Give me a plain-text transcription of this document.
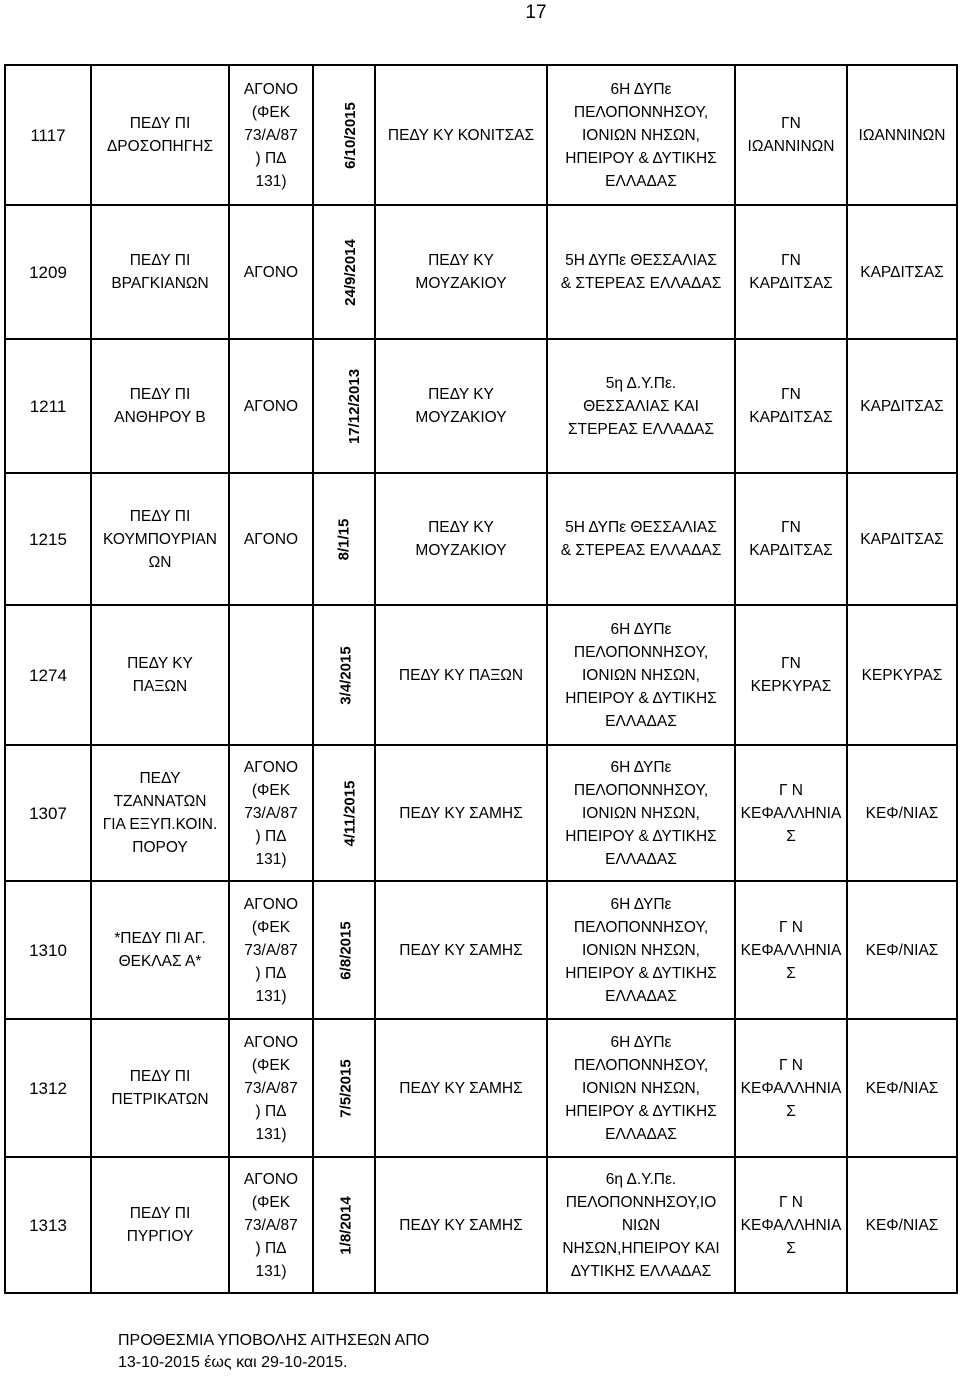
17
1117	ΠΕΔΥ ΠΙ
ΔΡΟΣΟΠΗΓΗΣ	ΑΓΟΝΟ
(ΦΕΚ
73/Α/87
) ΠΔ
131)	6/10/2015	ΠΕΔΥ ΚΥ ΚΟΝΙΤΣΑΣ	6Η ΔΥΠε
ΠΕΛΟΠΟΝΝΗΣΟΥ,
ΙΟΝΙΩΝ ΝΗΣΩΝ,
ΗΠΕΙΡΟΥ & ΔΥΤΙΚΗΣ
ΕΛΛΑΔΑΣ	ΓΝ ΙΩΑΝΝΙΝΩΝ	ΙΩΑΝΝΙΝΩΝ
1209	ΠΕΔΥ ΠΙ
ΒΡΑΓΚΙΑΝΩΝ	ΑΓΟΝΟ	24/9/2014	ΠΕΔΥ ΚΥ
ΜΟΥΖΑΚΙΟΥ	5Η ΔΥΠε ΘΕΣΣΑΛΙΑΣ
& ΣΤΕΡΕΑΣ ΕΛΛΑΔΑΣ	ΓΝ ΚΑΡΔΙΤΣΑΣ	ΚΑΡΔΙΤΣΑΣ
1211	ΠΕΔΥ ΠΙ
ΑΝΘΗΡΟΥ Β	ΑΓΟΝΟ	17/12/2013	ΠΕΔΥ ΚΥ
ΜΟΥΖΑΚΙΟΥ	5η Δ.Υ.Πε.
ΘΕΣΣΑΛΙΑΣ ΚΑΙ
ΣΤΕΡΕΑΣ ΕΛΛΑΔΑΣ	ΓΝ ΚΑΡΔΙΤΣΑΣ	ΚΑΡΔΙΤΣΑΣ
1215	ΠΕΔΥ ΠΙ
ΚΟΥΜΠΟΥΡΙΑΝ
ΩΝ	ΑΓΟΝΟ	8/1/15	ΠΕΔΥ ΚΥ
ΜΟΥΖΑΚΙΟΥ	5Η ΔΥΠε ΘΕΣΣΑΛΙΑΣ
& ΣΤΕΡΕΑΣ ΕΛΛΑΔΑΣ	ΓΝ ΚΑΡΔΙΤΣΑΣ	ΚΑΡΔΙΤΣΑΣ
1274	ΠΕΔΥ ΚΥ
ΠΑΞΩΝ		3/4/2015	ΠΕΔΥ ΚΥ ΠΑΞΩΝ	6Η ΔΥΠε
ΠΕΛΟΠΟΝΝΗΣΟΥ,
ΙΟΝΙΩΝ ΝΗΣΩΝ,
ΗΠΕΙΡΟΥ & ΔΥΤΙΚΗΣ
ΕΛΛΑΔΑΣ	ΓΝ ΚΕΡΚΥΡΑΣ	ΚΕΡΚΥΡΑΣ
1307	ΠΕΔΥ
ΤΖΑΝΝΑΤΩΝ
ΓΙΑ ΕΞΥΠ.ΚΟΙΝ.
ΠΟΡΟΥ	ΑΓΟΝΟ
(ΦΕΚ
73/Α/87
) ΠΔ
131)	4/11/2015	ΠΕΔΥ ΚΥ ΣΑΜΗΣ	6Η ΔΥΠε
ΠΕΛΟΠΟΝΝΗΣΟΥ,
ΙΟΝΙΩΝ ΝΗΣΩΝ,
ΗΠΕΙΡΟΥ & ΔΥΤΙΚΗΣ
ΕΛΛΑΔΑΣ	Γ Ν
ΚΕΦΑΛΛΗΝΙΑΣ	ΚΕΦ/ΝΙΑΣ
1310	*ΠΕΔΥ ΠΙ ΑΓ.
ΘΕΚΛΑΣ Α*	ΑΓΟΝΟ
(ΦΕΚ
73/Α/87
) ΠΔ
131)	6/8/2015	ΠΕΔΥ ΚΥ ΣΑΜΗΣ	6Η ΔΥΠε
ΠΕΛΟΠΟΝΝΗΣΟΥ,
ΙΟΝΙΩΝ ΝΗΣΩΝ,
ΗΠΕΙΡΟΥ & ΔΥΤΙΚΗΣ
ΕΛΛΑΔΑΣ	Γ Ν
ΚΕΦΑΛΛΗΝΙΑΣ	ΚΕΦ/ΝΙΑΣ
1312	ΠΕΔΥ ΠΙ
ΠΕΤΡΙΚΑΤΩΝ	ΑΓΟΝΟ
(ΦΕΚ
73/Α/87
) ΠΔ
131)	7/5/2015	ΠΕΔΥ ΚΥ ΣΑΜΗΣ	6Η ΔΥΠε
ΠΕΛΟΠΟΝΝΗΣΟΥ,
ΙΟΝΙΩΝ ΝΗΣΩΝ,
ΗΠΕΙΡΟΥ & ΔΥΤΙΚΗΣ
ΕΛΛΑΔΑΣ	Γ Ν
ΚΕΦΑΛΛΗΝΙΑΣ	ΚΕΦ/ΝΙΑΣ
1313	ΠΕΔΥ ΠΙ
ΠΥΡΓΙΟΥ	ΑΓΟΝΟ
(ΦΕΚ
73/Α/87
) ΠΔ
131)	1/8/2014	ΠΕΔΥ ΚΥ ΣΑΜΗΣ	6η Δ.Υ.Πε.
ΠΕΛΟΠΟΝΝΗΣΟΥ,ΙΟ
ΝΙΩΝ
ΝΗΣΩΝ,ΗΠΕΙΡΟΥ ΚΑΙ
ΔΥΤΙΚΗΣ ΕΛΛΑΔΑΣ	Γ Ν
ΚΕΦΑΛΛΗΝΙΑΣ	ΚΕΦ/ΝΙΑΣ
ΠΡΟΘΕΣΜΙΑ ΥΠΟΒΟΛΗΣ ΑΙΤΗΣΕΩΝ ΑΠΟ
13-10-2015 έως και 29-10-2015.
